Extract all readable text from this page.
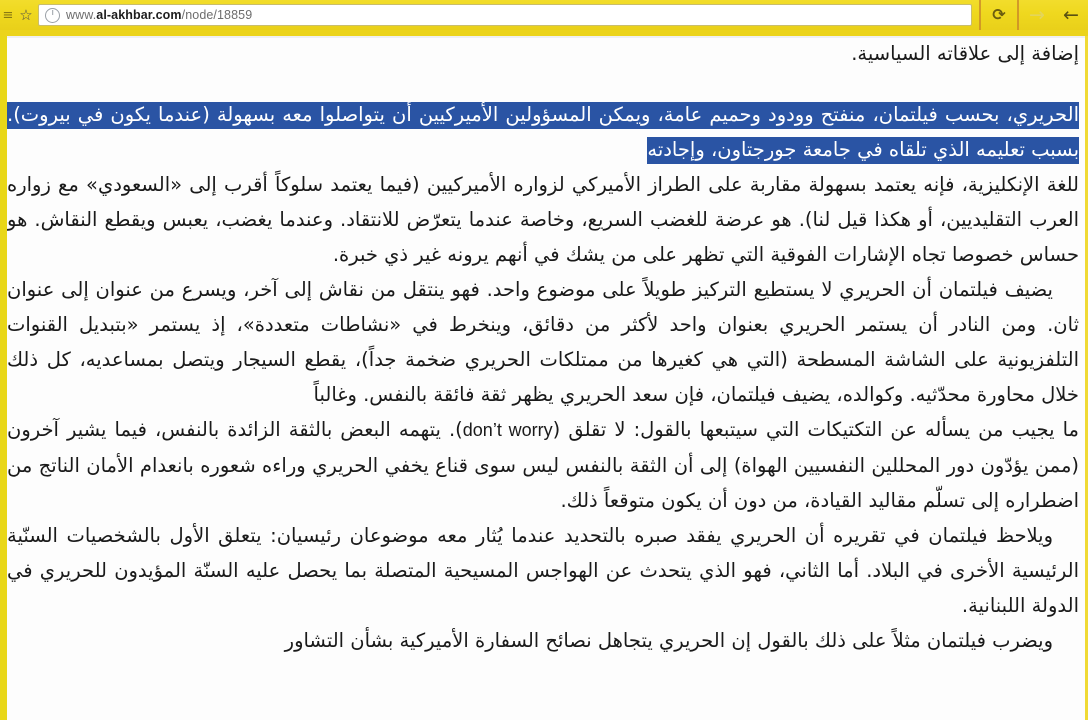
←
→
⟳
www.al-akhbar.com/node/18859
☆
≡

إضافة إلى علاقاته السياسية.

الحريري، بحسب فيلتمان، منفتح وودود وحميم عامة، ويمكن المسؤولين الأميركيين أن يتواصلوا معه بسهولة (عندما يكون في بيروت). بسبب تعليمه الذي تلقاه في جامعة جورجتاون، وإجادته

للغة الإنكليزية، فإنه يعتمد بسهولة مقاربة على الطراز الأميركي لزواره الأميركيين (فيما يعتمد سلوكاً أقرب إلى «السعودي» مع زواره العرب التقليديين، أو هكذا قيل لنا). هو عرضة للغضب السريع، وخاصة عندما يتعرّض للانتقاد. وعندما يغضب، يعبس ويقطع النقاش. هو حساس خصوصا تجاه الإشارات الفوقية التي تظهر على من يشك في أنهم يرونه غير ذي خبرة.

يضيف فيلتمان أن الحريري لا يستطيع التركيز طويلاً على موضوع واحد. فهو ينتقل من نقاش إلى آخر، ويسرع من عنوان إلى عنوان ثان. ومن النادر أن يستمر الحريري بعنوان واحد لأكثر من دقائق، وينخرط في «نشاطات متعددة»، إذ يستمر «بتبديل القنوات التلفزيونية على الشاشة المسطحة (التي هي كغيرها من ممتلكات الحريري ضخمة جداً)، يقطع السيجار ويتصل بمساعديه، كل ذلك خلال محاورة محدّثيه. وكوالده، يضيف فيلتمان، فإن سعد الحريري يظهر ثقة فائقة بالنفس. وغالباً

ما يجيب من يسأله عن التكتيكات التي سيتبعها بالقول: لا تقلق (don’t worry). يتهمه البعض بالثقة الزائدة بالنفس، فيما يشير آخرون (ممن يؤدّون دور المحللين النفسيين الهواة) إلى أن الثقة بالنفس ليس سوى قناع يخفي الحريري وراءه شعوره بانعدام الأمان الناتج من اضطراره إلى تسلّم مقاليد القيادة، من دون أن يكون متوقعاً ذلك.

ويلاحظ فيلتمان في تقريره أن الحريري يفقد صبره بالتحديد عندما يُثار معه موضوعان رئيسيان: يتعلق الأول بالشخصيات السنّية الرئيسية الأخرى في البلاد. أما الثاني، فهو الذي يتحدث عن الهواجس المسيحية المتصلة بما يحصل عليه السنّة المؤيدون للحريري في الدولة اللبنانية.

ويضرب فيلتمان مثلاً على ذلك بالقول إن الحريري يتجاهل نصائح السفارة الأميركية بشأن التشاور
